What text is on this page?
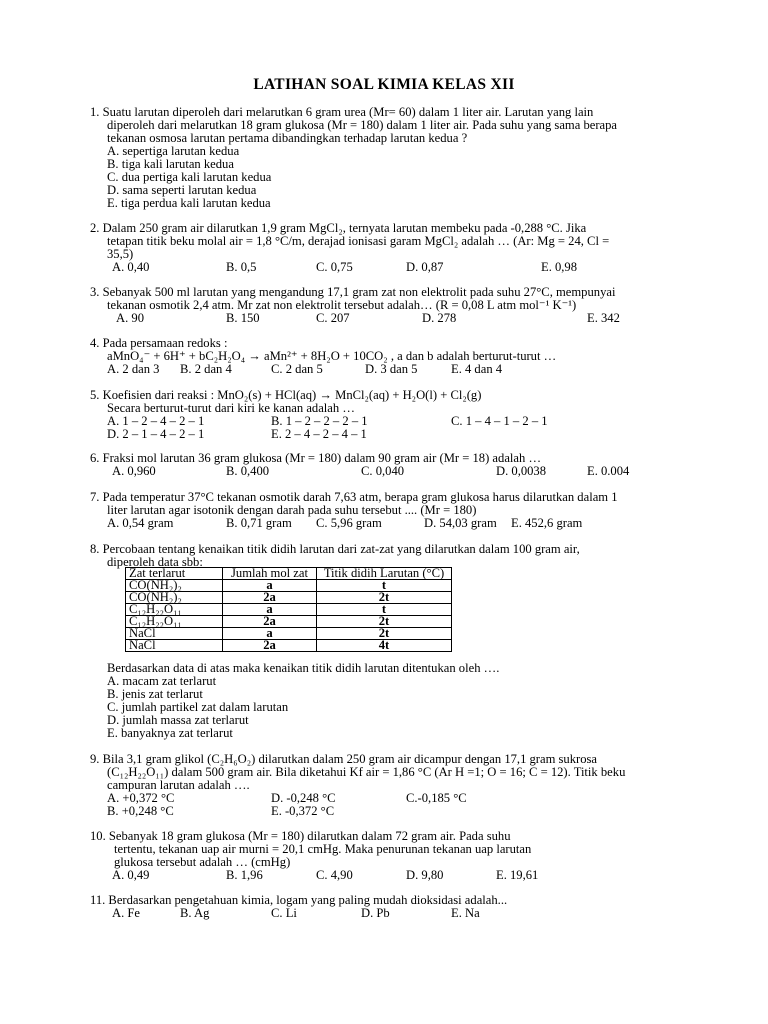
LATIHAN SOAL KIMIA KELAS XII
1. Suatu larutan diperoleh dari melarutkan 6 gram urea (Mr= 60) dalam 1 liter air. Larutan yang lain
diperoleh dari melarutkan 18 gram glukosa (Mr = 180) dalam 1 liter air. Pada suhu yang sama berapa
tekanan osmosa larutan pertama dibandingkan terhadap larutan kedua ?
A. sepertiga larutan kedua
B. tiga kali larutan kedua
C. dua pertiga kali larutan kedua
D. sama seperti larutan kedua
E. tiga perdua kali larutan kedua
2. Dalam 250 gram air dilarutkan 1,9 gram MgCl₂, ternyata larutan membeku pada -0,288 °C. Jika
tetapan titik beku molal air = 1,8 °C/m, derajad ionisasi garam MgCl₂ adalah … (Ar: Mg = 24, Cl =
35,5)
A. 0,40	B. 0,5	C. 0,75	D. 0,87	E. 0,98
3. Sebanyak 500 ml larutan yang mengandung 17,1 gram zat non elektrolit pada suhu 27°C, mempunyai
tekanan osmotik 2,4 atm. Mr zat non elektrolit tersebut adalah… (R = 0,08 L atm mol⁻¹ K⁻¹)
A. 90	B. 150	C. 207	D. 278	E. 342
4. Pada persamaan redoks :
aMnO₄⁻ + 6H⁺ + bC₂H₂O₄ → aMn²⁺ + 8H₂O + 10CO₂ , a dan b adalah berturut-turut …
A. 2 dan 3 B. 2 dan 4	C. 2 dan 5	D. 3 dan 5	E. 4 dan 4
5. Koefisien dari reaksi : MnO₂(s) + HCl(aq) → MnCl₂(aq) + H₂O(l) + Cl₂(g)
Secara berturut-turut dari kiri ke kanan adalah …
A. 1 – 2 – 4 – 2 – 1	B. 1 – 2 – 2 – 2 – 1	C. 1 – 4 – 1 – 2 – 1
D. 2 – 1 – 4 – 2 – 1	E. 2 – 4 – 2 – 4 – 1
6. Fraksi mol larutan 36 gram glukosa (Mr = 180) dalam 90 gram air (Mr = 18) adalah …
A. 0,960	B. 0,400	C. 0,040	D. 0,0038	E. 0.004
7. Pada temperatur 37°C tekanan osmotik darah 7,63 atm, berapa gram glukosa harus dilarutkan dalam 1
liter larutan agar isotonik dengan darah pada suhu tersebut .... (Mr = 180)
A. 0,54 gram	B. 0,71 gram C. 5,96 gram	D. 54,03 gram E. 452,6 gram
8. Percobaan tentang kenaikan titik didih larutan dari zat-zat yang dilarutkan dalam 100 gram air,
diperoleh data sbb:
Zat terlarut	Jumlah mol zat	Titik didih Larutan (°C)
CO(NH₂)₂	a	t
CO(NH₂)₂	2a	2t
C₁₂H₂₂O₁₁	a	t
C₁₂H₂₂O₁₁	2a	2t
NaCl	a	2t
NaCl	2a	4t
Berdasarkan data di atas maka kenaikan titik didih larutan ditentukan oleh ….
A. macam zat terlarut
B. jenis zat terlarut
C. jumlah partikel zat dalam larutan
D. jumlah massa zat terlarut
E. banyaknya zat terlarut
9. Bila 3,1 gram glikol (C₂H₆O₂) dilarutkan dalam 250 gram air dicampur dengan 17,1 gram sukrosa
(C₁₂H₂₂O₁₁) dalam 500 gram air. Bila diketahui Kf air = 1,86 °C (Ar H =1; O = 16; C = 12). Titik beku
campuran larutan adalah ….
A. +0,372 °C	D. -0,248 °C	C.-0,185 °C
B. +0,248 °C	E. -0,372 °C
10. Sebanyak 18 gram glukosa (Mr = 180) dilarutkan dalam 72 gram air. Pada suhu
tertentu, tekanan uap air murni = 20,1 cmHg. Maka penurunan tekanan uap larutan
glukosa tersebut adalah … (cmHg)
A. 0,49	B. 1,96	C. 4,90	D. 9,80	E. 19,61
11. Berdasarkan pengetahuan kimia, logam yang paling mudah dioksidasi adalah...
A. Fe	B. Ag	C. Li	D. Pb	E. Na
